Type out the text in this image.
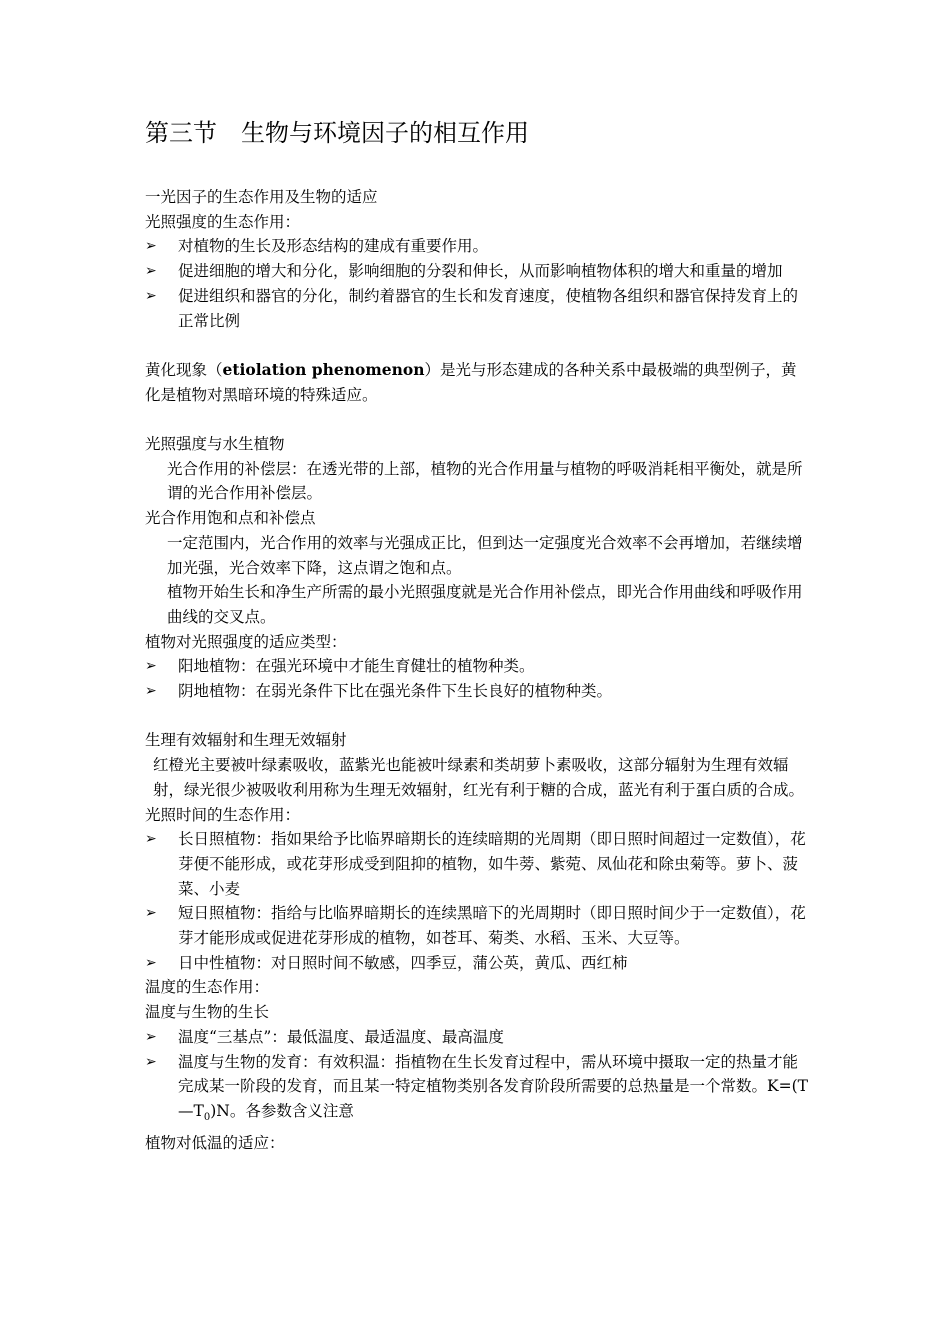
第三节　生物与环境因子的相互作用
一光因子的生态作用及生物的适应
光照强度的生态作用：
➢ 对植物的生长及形态结构的建成有重要作用。
➢ 促进细胞的增大和分化，影响细胞的分裂和伸长，从而影响植物体积的增大和重量的增加
➢ 促进组织和器官的分化，制约着器官的生长和发育速度，使植物各组织和器官保持发育上的正常比例
黄化现象（etiolation phenomenon）是光与形态建成的各种关系中最极端的典型例子，黄化是植物对黑暗环境的特殊适应。
光照强度与水生植物
光合作用的补偿层：在透光带的上部，植物的光合作用量与植物的呼吸消耗相平衡处，就是所谓的光合作用补偿层。
光合作用饱和点和补偿点
一定范围内，光合作用的效率与光强成正比，但到达一定强度光合效率不会再增加，若继续增加光强，光合效率下降，这点谓之饱和点。
植物开始生长和净生产所需的最小光照强度就是光合作用补偿点，即光合作用曲线和呼吸作用曲线的交叉点。
植物对光照强度的适应类型：
➢ 阳地植物：在强光环境中才能生育健壮的植物种类。
➢ 阴地植物：在弱光条件下比在强光条件下生长良好的植物种类。
生理有效辐射和生理无效辐射
红橙光主要被叶绿素吸收，蓝紫光也能被叶绿素和类胡萝卜素吸收，这部分辐射为生理有效辐射，绿光很少被吸收利用称为生理无效辐射，红光有利于糖的合成，蓝光有利于蛋白质的合成。
光照时间的生态作用：
➢ 长日照植物：指如果给予比临界暗期长的连续暗期的光周期（即日照时间超过一定数值），花芽便不能形成，或花芽形成受到阻抑的植物，如牛蒡、紫菀、凤仙花和除虫菊等。萝卜、菠菜、小麦
➢ 短日照植物：指给与比临界暗期长的连续黑暗下的光周期时（即日照时间少于一定数值），花芽才能形成或促进花芽形成的植物，如苍耳、菊类、水稻、玉米、大豆等。
➢ 日中性植物：对日照时间不敏感，四季豆，蒲公英，黄瓜、西红柿
温度的生态作用：
温度与生物的生长
➢ 温度“三基点”：最低温度、最适温度、最高温度
➢ 温度与生物的发育：有效积温：指植物在生长发育过程中，需从环境中摄取一定的热量才能完成某一阶段的发育，而且某一特定植物类别各发育阶段所需要的总热量是一个常数。$K=(T—T_0)N$。各参数含义注意
植物对低温的适应：
